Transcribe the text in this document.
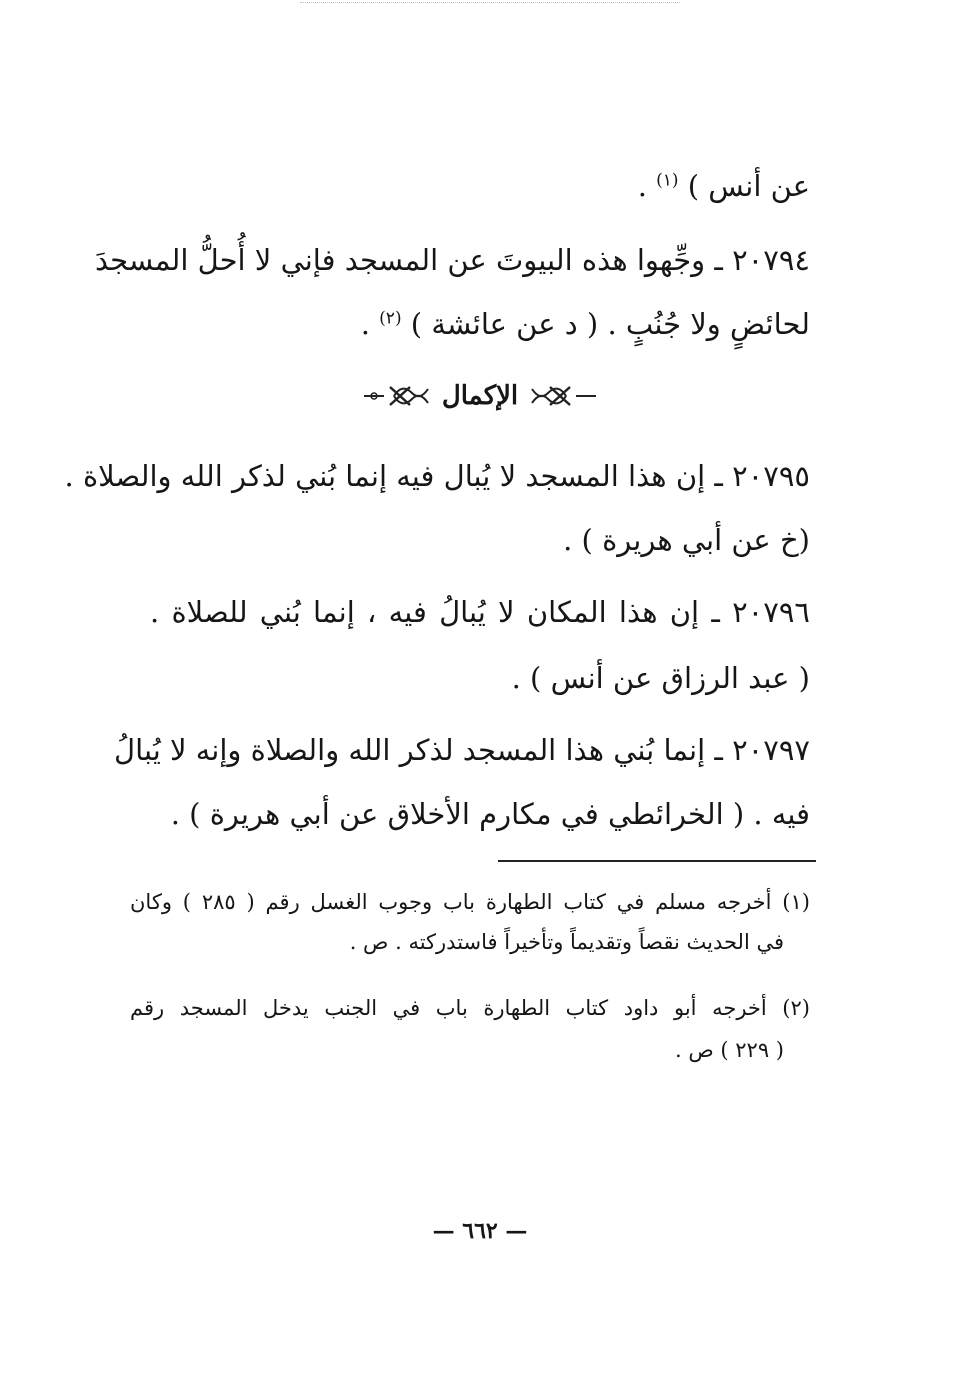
عن أنس ) $^{(١)}$ .
٢٠٧٩٤ ـ وجِّهوا هذه البيوتَ عن المسجد فإني لا أُحلُّ المسجدَ
لحائضٍ ولا جُنُبٍ . ( د عن عائشة ) $^{(٢)}$ .
الإكمال
٢٠٧٩٥ ـ إن هذا المسجد لا يُبال فيه إنما بُني لذكر الله والصلاة .
(خ عن أبي هريرة ) .
٢٠٧٩٦ ـ إن هذا المكان لا يُبالُ فيه ، إنما بُني للصلاة .
( عبد الرزاق عن أنس ) .
٢٠٧٩٧ ـ إنما بُني هذا المسجد لذكر الله والصلاة وإنه لا يُبالُ
فيه . ( الخرائطي في مكارم الأخلاق عن أبي هريرة ) .
(١) أخرجه مسلم في كتاب الطهارة باب وجوب الغسل رقم ( ٢٨٥ ) وكان
في الحديث نقصاً وتقديماً وتأخيراً فاستدركته . ص .
(٢) أخرجه أبو داود كتاب الطهارة باب في الجنب يدخل المسجد رقم
( ٢٢٩ ) ص .
— ٦٦٢ —
